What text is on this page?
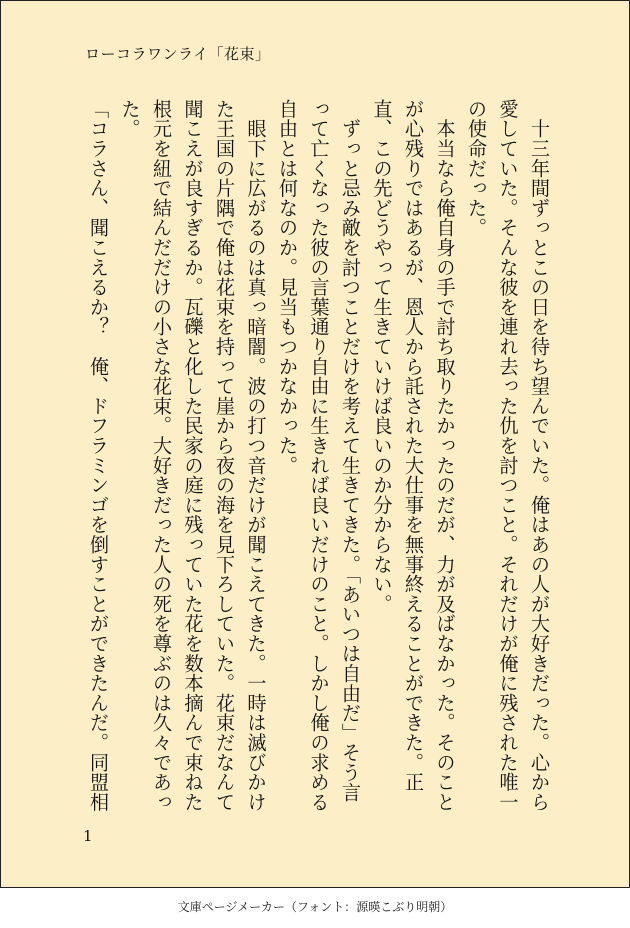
ローコラワンライ「花束」

　十三年間ずっとこの日を待ち望んでいた。俺はあの人が大好きだった。心から愛していた。そんな彼を連れ去った仇を討つこと。それだけが俺に残された唯一の使命だった。

　本当なら俺自身の手で討ち取りたかったのだが、力が及ばなかった。そのことが心残りではあるが、恩人から託された大仕事を無事終えることができた。正直、この先どうやって生きていけば良いのか分からない。

　ずっと忌み敵を討つことだけを考えて生きてきた。「あいつは自由だ」そう言って亡くなった彼の言葉通り自由に生きれば良いだけのこと。しかし俺の求める自由とは何なのか。見当もつかなかった。

　眼下に広がるのは真っ暗闇。波の打つ音だけが聞こえてきた。一時は滅びかけた王国の片隅で俺は花束を持って崖から夜の海を見下ろしていた。花束だなんて聞こえが良すぎるか。瓦礫と化した民家の庭に残っていた花を数本摘んで束ねた根元を紐で結んだだけの小さな花束。大好きだった人の死を尊ぶのは久々であった。

「コラさん、聞こえるか？　俺、ドフラミンゴを倒すことができたんだ。同盟相

1
文庫ページメーカー（フォント：源暎こぶり明朝）
